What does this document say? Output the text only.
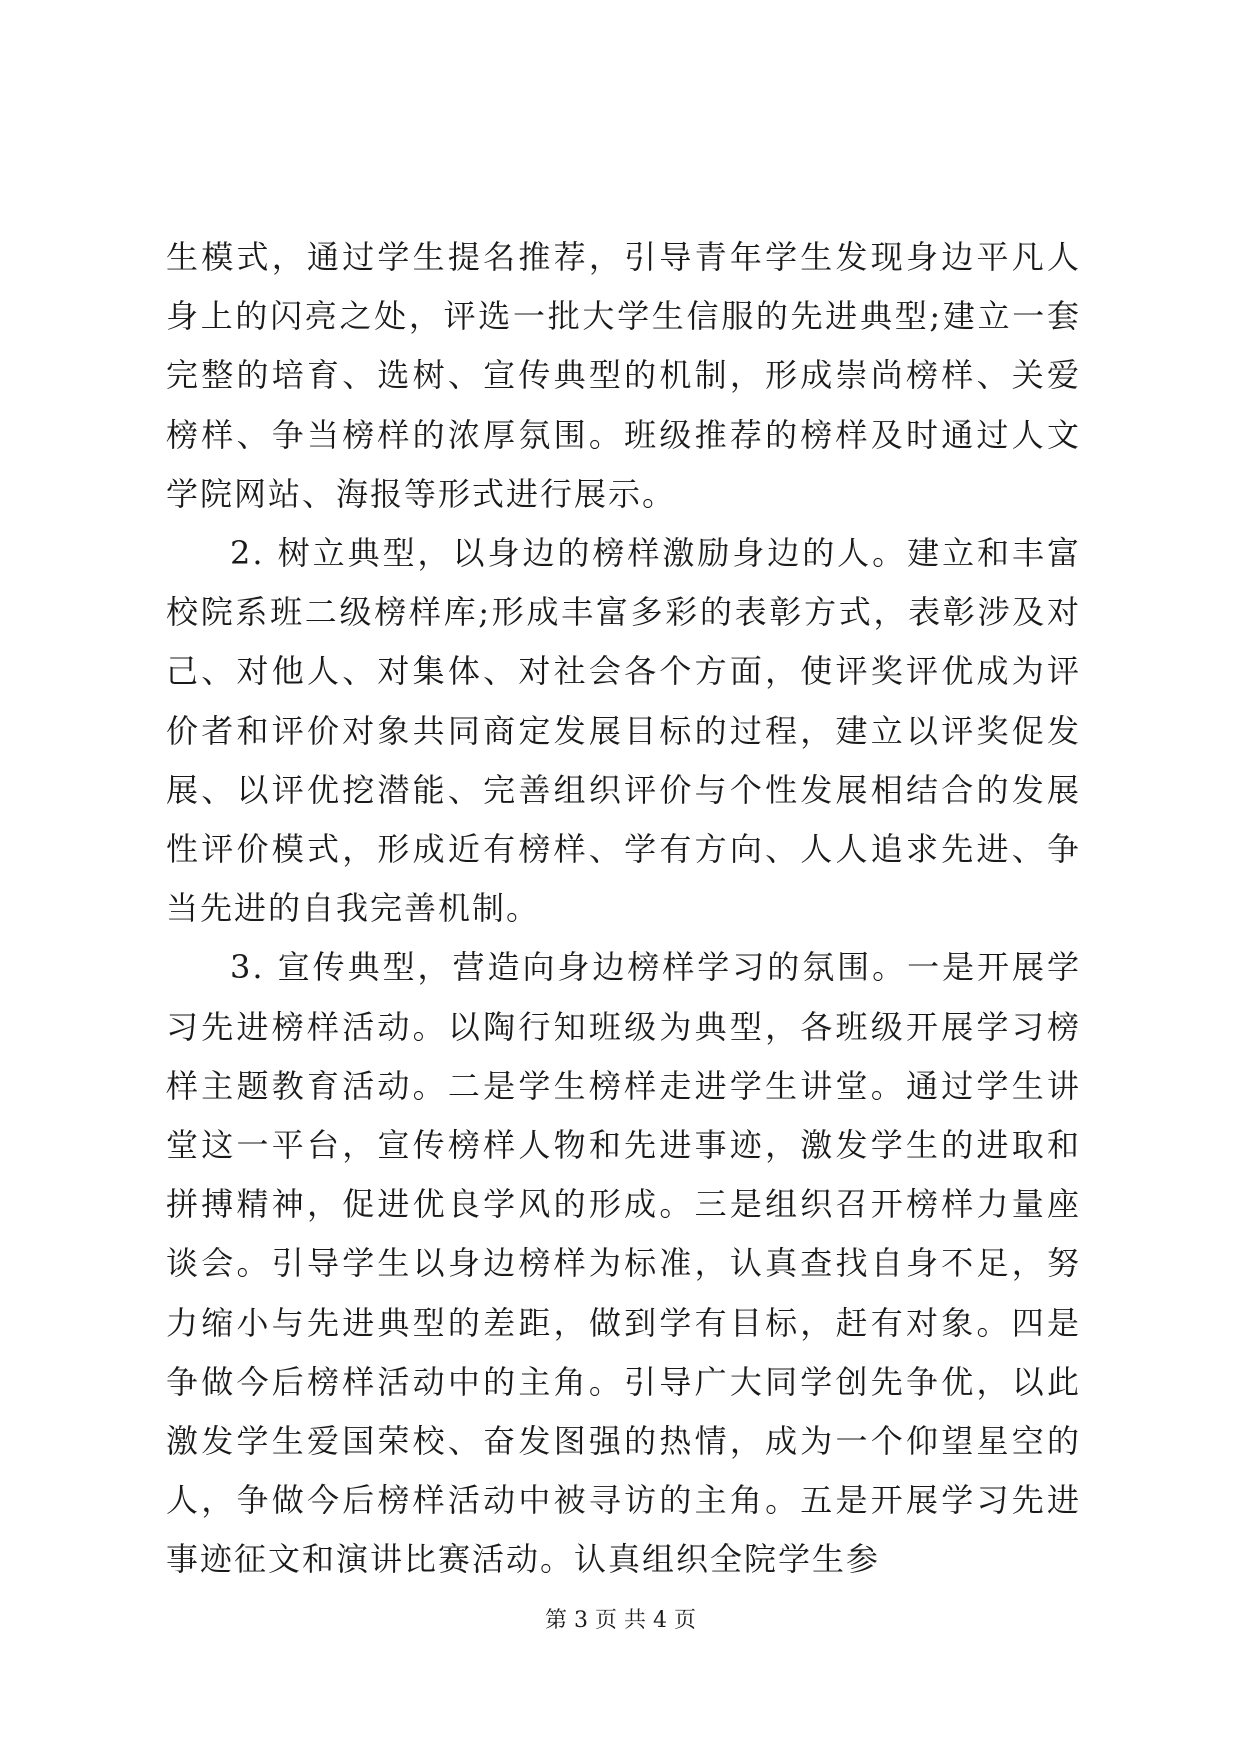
生模式，通过学生提名推荐，引导青年学生发现身边平凡人身上的闪亮之处，评选一批大学生信服的先进典型;建立一套完整的培育、选树、宣传典型的机制，形成崇尚榜样、关爱榜样、争当榜样的浓厚氛围。班级推荐的榜样及时通过人文学院网站、海报等形式进行展示。

2. 树立典型，以身边的榜样激励身边的人。建立和丰富校院系班二级榜样库;形成丰富多彩的表彰方式，表彰涉及对己、对他人、对集体、对社会各个方面，使评奖评优成为评价者和评价对象共同商定发展目标的过程，建立以评奖促发展、以评优挖潜能、完善组织评价与个性发展相结合的发展性评价模式，形成近有榜样、学有方向、人人追求先进、争当先进的自我完善机制。

3. 宣传典型，营造向身边榜样学习的氛围。一是开展学习先进榜样活动。以陶行知班级为典型，各班级开展学习榜样主题教育活动。二是学生榜样走进学生讲堂。通过学生讲堂这一平台，宣传榜样人物和先进事迹，激发学生的进取和拼搏精神，促进优良学风的形成。三是组织召开榜样力量座谈会。引导学生以身边榜样为标准，认真查找自身不足，努力缩小与先进典型的差距，做到学有目标，赶有对象。四是争做今后榜样活动中的主角。引导广大同学创先争优，以此激发学生爱国荣校、奋发图强的热情，成为一个仰望星空的人，争做今后榜样活动中被寻访的主角。五是开展学习先进事迹征文和演讲比赛活动。认真组织全院学生参

第 3 页 共 4 页
